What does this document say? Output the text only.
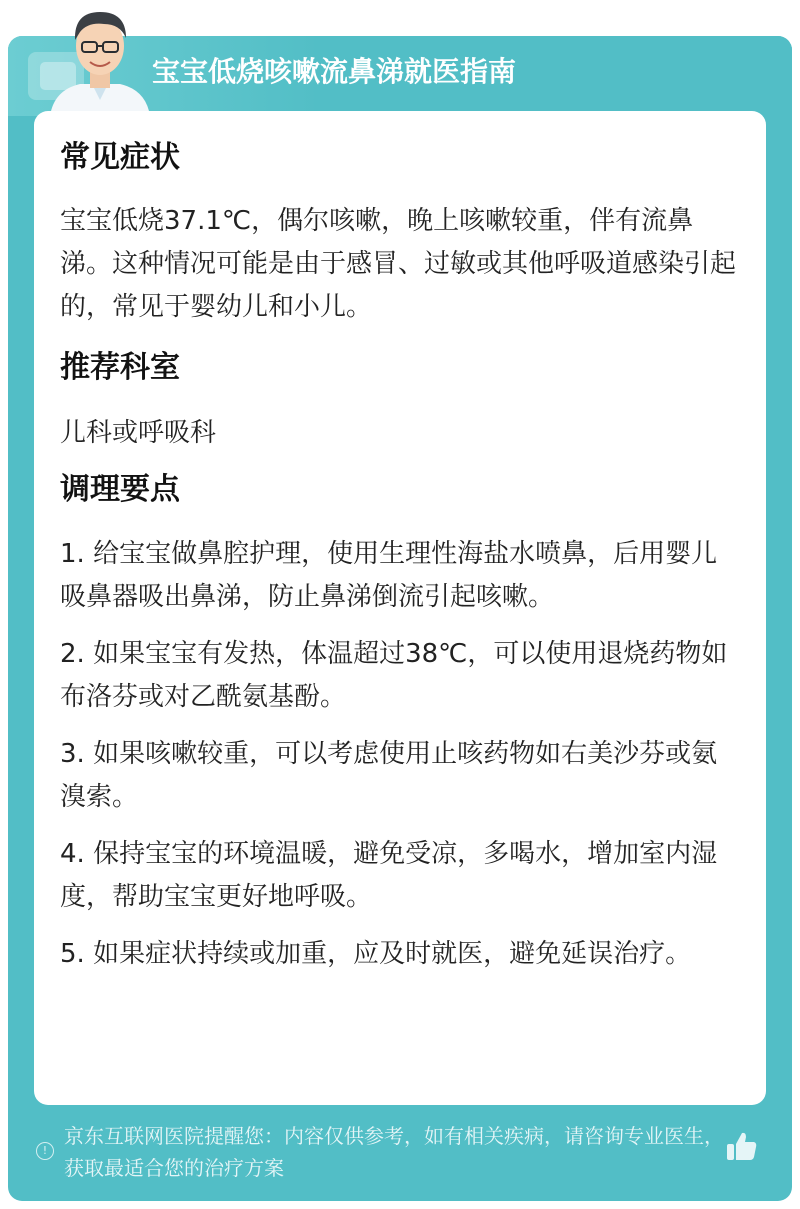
宝宝低烧咳嗽流鼻涕就医指南
常见症状

宝宝低烧37.1℃，偶尔咳嗽，晚上咳嗽较重，伴有流鼻涕。这种情况可能是由于感冒、过敏或其他呼吸道感染引起的，常见于婴幼儿和小儿。

推荐科室

儿科或呼吸科

调理要点

1. 给宝宝做鼻腔护理，使用生理性海盐水喷鼻，后用婴儿吸鼻器吸出鼻涕，防止鼻涕倒流引起咳嗽。

2. 如果宝宝有发热，体温超过38℃，可以使用退烧药物如布洛芬或对乙酰氨基酚。

3. 如果咳嗽较重，可以考虑使用止咳药物如右美沙芬或氨溴索。

4. 保持宝宝的环境温暖，避免受凉，多喝水，增加室内湿度，帮助宝宝更好地呼吸。

5. 如果症状持续或加重，应及时就医，避免延误治疗。

!
京东互联网医院提醒您：内容仅供参考，如有相关疾病，请咨询专业医生，获取最适合您的治疗方案
